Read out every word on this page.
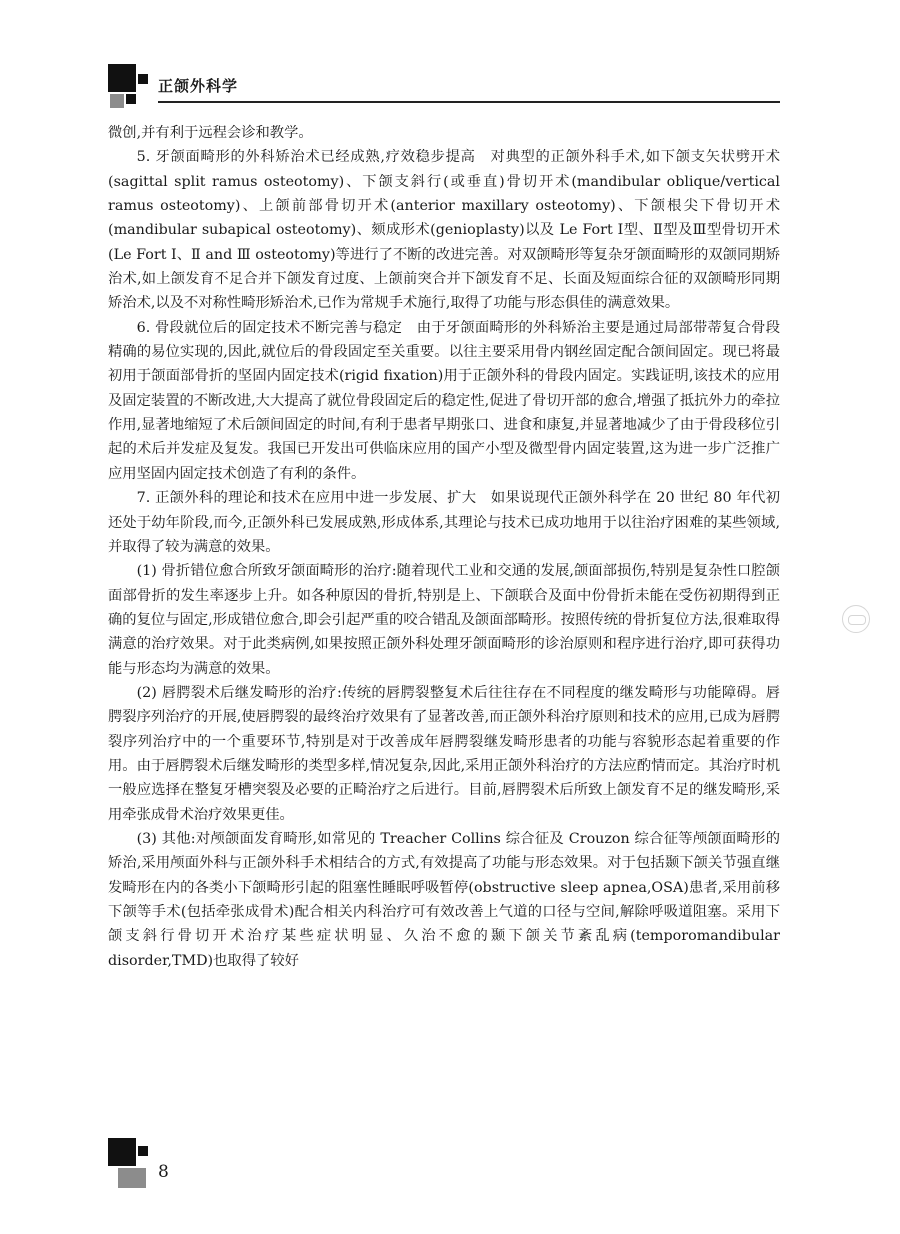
正颌外科学

微创,并有利于远程会诊和教学。

5. 牙颌面畸形的外科矫治术已经成熟,疗效稳步提高　对典型的正颌外科手术,如下颌支矢状劈开术(sagittal split ramus osteotomy)、下颌支斜行(或垂直)骨切开术(mandibular oblique/vertical ramus osteotomy)、上颌前部骨切开术(anterior maxillary osteotomy)、下颌根尖下骨切开术(mandibular subapical osteotomy)、颏成形术(genioplasty)以及 Le Fort Ⅰ型、Ⅱ型及Ⅲ型骨切开术(Le Fort Ⅰ、Ⅱ and Ⅲ osteotomy)等进行了不断的改进完善。对双颌畸形等复杂牙颌面畸形的双颌同期矫治术,如上颌发育不足合并下颌发育过度、上颌前突合并下颌发育不足、长面及短面综合征的双颌畸形同期矫治术,以及不对称性畸形矫治术,已作为常规手术施行,取得了功能与形态俱佳的满意效果。

6. 骨段就位后的固定技术不断完善与稳定　由于牙颌面畸形的外科矫治主要是通过局部带蒂复合骨段精确的易位实现的,因此,就位后的骨段固定至关重要。以往主要采用骨内钢丝固定配合颌间固定。现已将最初用于颌面部骨折的坚固内固定技术(rigid fixation)用于正颌外科的骨段内固定。实践证明,该技术的应用及固定装置的不断改进,大大提高了就位骨段固定后的稳定性,促进了骨切开部的愈合,增强了抵抗外力的牵拉作用,显著地缩短了术后颌间固定的时间,有利于患者早期张口、进食和康复,并显著地减少了由于骨段移位引起的术后并发症及复发。我国已开发出可供临床应用的国产小型及微型骨内固定装置,这为进一步广泛推广应用坚固内固定技术创造了有利的条件。

7. 正颌外科的理论和技术在应用中进一步发展、扩大　如果说现代正颌外科学在 20 世纪 80 年代初还处于幼年阶段,而今,正颌外科已发展成熟,形成体系,其理论与技术已成功地用于以往治疗困难的某些领域,并取得了较为满意的效果。

(1) 骨折错位愈合所致牙颌面畸形的治疗:随着现代工业和交通的发展,颌面部损伤,特别是复杂性口腔颌面部骨折的发生率逐步上升。如各种原因的骨折,特别是上、下颌联合及面中份骨折未能在受伤初期得到正确的复位与固定,形成错位愈合,即会引起严重的咬合错乱及颌面部畸形。按照传统的骨折复位方法,很难取得满意的治疗效果。对于此类病例,如果按照正颌外科处理牙颌面畸形的诊治原则和程序进行治疗,即可获得功能与形态均为满意的效果。

(2) 唇腭裂术后继发畸形的治疗:传统的唇腭裂整复术后往往存在不同程度的继发畸形与功能障碍。唇腭裂序列治疗的开展,使唇腭裂的最终治疗效果有了显著改善,而正颌外科治疗原则和技术的应用,已成为唇腭裂序列治疗中的一个重要环节,特别是对于改善成年唇腭裂继发畸形患者的功能与容貌形态起着重要的作用。由于唇腭裂术后继发畸形的类型多样,情况复杂,因此,采用正颌外科治疗的方法应酌情而定。其治疗时机一般应选择在整复牙槽突裂及必要的正畸治疗之后进行。目前,唇腭裂术后所致上颌发育不足的继发畸形,采用牵张成骨术治疗效果更佳。

(3) 其他:对颅颌面发育畸形,如常见的 Treacher Collins 综合征及 Crouzon 综合征等颅颌面畸形的矫治,采用颅面外科与正颌外科手术相结合的方式,有效提高了功能与形态效果。对于包括颞下颌关节强直继发畸形在内的各类小下颌畸形引起的阻塞性睡眠呼吸暂停(obstructive sleep apnea,OSA)患者,采用前移下颌等手术(包括牵张成骨术)配合相关内科治疗可有效改善上气道的口径与空间,解除呼吸道阻塞。采用下颌支斜行骨切开术治疗某些症状明显、久治不愈的颞下颌关节紊乱病(temporomandibular disorder,TMD)也取得了较好

8
